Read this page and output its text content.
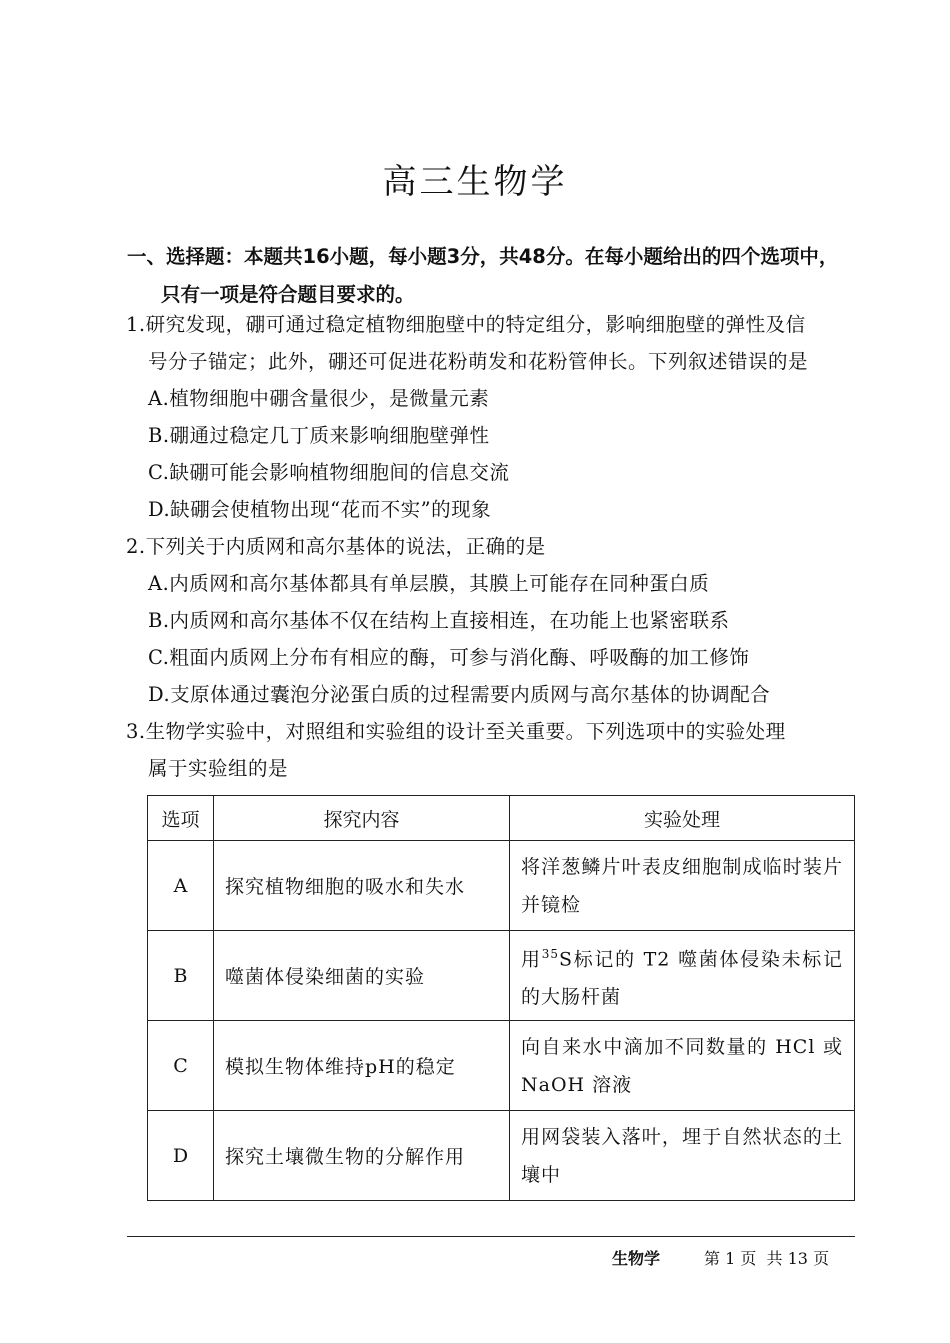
高三生物学
一、选择题：本题共16小题，每小题3分，共48分。在每小题给出的四个选项中，
只有一项是符合题目要求的。
1.研究发现，硼可通过稳定植物细胞壁中的特定组分，影响细胞壁的弹性及信
号分子锚定；此外，硼还可促进花粉萌发和花粉管伸长。下列叙述错误的是
A.植物细胞中硼含量很少，是微量元素
B.硼通过稳定几丁质来影响细胞壁弹性
C.缺硼可能会影响植物细胞间的信息交流
D.缺硼会使植物出现“花而不实”的现象
2.下列关于内质网和高尔基体的说法，正确的是
A.内质网和高尔基体都具有单层膜，其膜上可能存在同种蛋白质
B.内质网和高尔基体不仅在结构上直接相连，在功能上也紧密联系
C.粗面内质网上分布有相应的酶，可参与消化酶、呼吸酶的加工修饰
D.支原体通过囊泡分泌蛋白质的过程需要内质网与高尔基体的协调配合
3.生物学实验中，对照组和实验组的设计至关重要。下列选项中的实验处理
属于实验组的是
选项	探究内容	实验处理
A	探究植物细胞的吸水和失水	将洋葱鳞片叶表皮细胞制成临时装片并镜检
B	噬菌体侵染细菌的实验	用$^{35}$S标记的 T2 噬菌体侵染未标记的大肠杆菌
C	模拟生物体维持pH的稳定	向自来水中滴加不同数量的 HCl 或 NaOH 溶液
D	探究土壤微生物的分解作用	用网袋装入落叶，埋于自然状态的土壤中
生物学	第 1 页  共 13 页
